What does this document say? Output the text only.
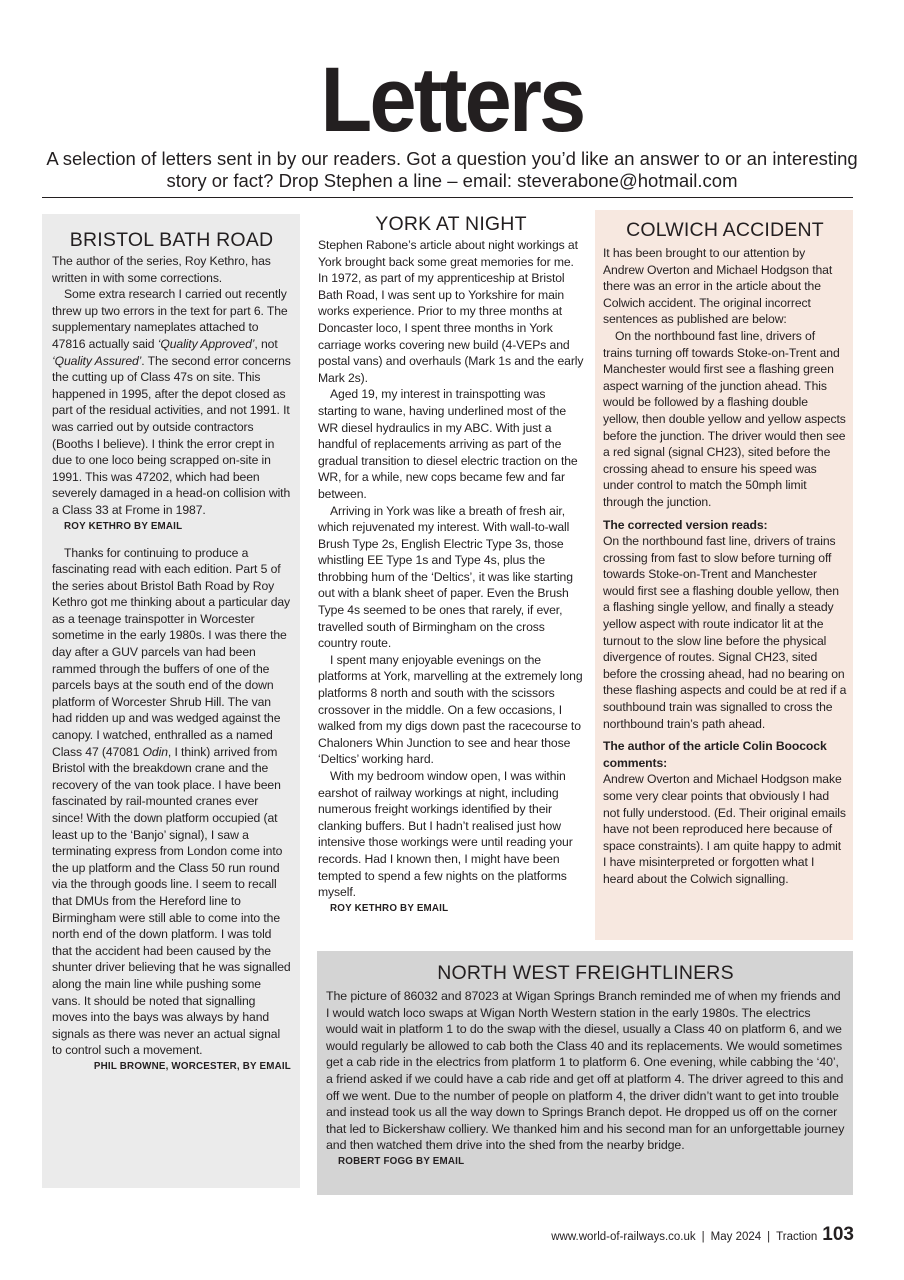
Letters

A selection of letters sent in by our readers. Got a question you’d like an answer to or an interesting story or fact? Drop Stephen a line – email: steverabone@hotmail.com

BRISTOL BATH ROAD

The author of the series, Roy Kethro, has written in with some corrections.

Some extra research I carried out recently threw up two errors in the text for part 6. The supplementary nameplates attached to 47816 actually said ‘Quality Approved’, not ‘Quality Assured’. The second error concerns the cutting up of Class 47s on site. This happened in 1995, after the depot closed as part of the residual activities, and not 1991. It was carried out by outside contractors (Booths I believe). I think the error crept in due to one loco being scrapped on-site in 1991. This was 47202, which had been severely damaged in a head-on collision with a Class 33 at Frome in 1987.

ROY KETHRO BY EMAIL

Thanks for continuing to produce a fascinating read with each edition. Part 5 of the series about Bristol Bath Road by Roy Kethro got me thinking about a particular day as a teenage trainspotter in Worcester sometime in the early 1980s. I was there the day after a GUV parcels van had been rammed through the buffers of one of the parcels bays at the south end of the down platform of Worcester Shrub Hill. The van had ridden up and was wedged against the canopy. I watched, enthralled as a named Class 47 (47081 Odin, I think) arrived from Bristol with the breakdown crane and the recovery of the van took place. I have been fascinated by rail-mounted cranes ever since! With the down platform occupied (at least up to the ‘Banjo’ signal), I saw a terminating express from London come into the up platform and the Class 50 run round via the through goods line. I seem to recall that DMUs from the Hereford line to Birmingham were still able to come into the north end of the down platform. I was told that the accident had been caused by the shunter driver believing that he was signalled along the main line while pushing some vans. It should be noted that signalling moves into the bays was always by hand signals as there was never an actual signal to control such a movement.

PHIL BROWNE, WORCESTER, BY EMAIL

YORK AT NIGHT

Stephen Rabone’s article about night workings at York brought back some great memories for me. In 1972, as part of my apprenticeship at Bristol Bath Road, I was sent up to Yorkshire for main works experience. Prior to my three months at Doncaster loco, I spent three months in York carriage works covering new build (4-VEPs and postal vans) and overhauls (Mark 1s and the early Mark 2s).

Aged 19, my interest in trainspotting was starting to wane, having underlined most of the WR diesel hydraulics in my ABC. With just a handful of replacements arriving as part of the gradual transition to diesel electric traction on the WR, for a while, new cops became few and far between.

Arriving in York was like a breath of fresh air, which rejuvenated my interest. With wall-to-wall Brush Type 2s, English Electric Type 3s, those whistling EE Type 1s and Type 4s, plus the throbbing hum of the ‘Deltics’, it was like starting out with a blank sheet of paper. Even the Brush Type 4s seemed to be ones that rarely, if ever, travelled south of Birmingham on the cross country route.

I spent many enjoyable evenings on the platforms at York, marvelling at the extremely long platforms 8 north and south with the scissors crossover in the middle. On a few occasions, I walked from my digs down past the racecourse to Chaloners Whin Junction to see and hear those ‘Deltics’ working hard.

With my bedroom window open, I was within earshot of railway workings at night, including numerous freight workings identified by their clanking buffers. But I hadn’t realised just how intensive those workings were until reading your records. Had I known then, I might have been tempted to spend a few nights on the platforms myself.

ROY KETHRO BY EMAIL

COLWICH ACCIDENT

It has been brought to our attention by Andrew Overton and Michael Hodgson that there was an error in the article about the Colwich accident. The original incorrect sentences as published are below:

On the northbound fast line, drivers of trains turning off towards Stoke-on-Trent and Manchester would first see a flashing green aspect warning of the junction ahead. This would be followed by a flashing double yellow, then double yellow and yellow aspects before the junction. The driver would then see a red signal (signal CH23), sited before the crossing ahead to ensure his speed was under control to match the 50mph limit through the junction.

The corrected version reads:

On the northbound fast line, drivers of trains crossing from fast to slow before turning off towards Stoke-on-Trent and Manchester would first see a flashing double yellow, then a flashing single yellow, and finally a steady yellow aspect with route indicator lit at the turnout to the slow line before the physical divergence of routes. Signal CH23, sited before the crossing ahead, had no bearing on these flashing aspects and could be at red if a southbound train was signalled to cross the northbound train’s path ahead.

The author of the article Colin Boocock comments:

Andrew Overton and Michael Hodgson make some very clear points that obviously I had not fully understood. (Ed. Their original emails have not been reproduced here because of space constraints). I am quite happy to admit I have misinterpreted or forgotten what I heard about the Colwich signalling.

NORTH WEST FREIGHTLINERS

The picture of 86032 and 87023 at Wigan Springs Branch reminded me of when my friends and I would watch loco swaps at Wigan North Western station in the early 1980s. The electrics would wait in platform 1 to do the swap with the diesel, usually a Class 40 on platform 6, and we would regularly be allowed to cab both the Class 40 and its replacements. We would sometimes get a cab ride in the electrics from platform 1 to platform 6. One evening, while cabbing the ‘40’, a friend asked if we could have a cab ride and get off at platform 4. The driver agreed to this and off we went. Due to the number of people on platform 4, the driver didn’t want to get into trouble and instead took us all the way down to Springs Branch depot. He dropped us off on the corner that led to Bickershaw colliery. We thanked him and his second man for an unforgettable journey and then watched them drive into the shed from the nearby bridge.

ROBERT FOGG BY EMAIL

www.world-of-railways.co.uk | May 2024 | Traction 103
